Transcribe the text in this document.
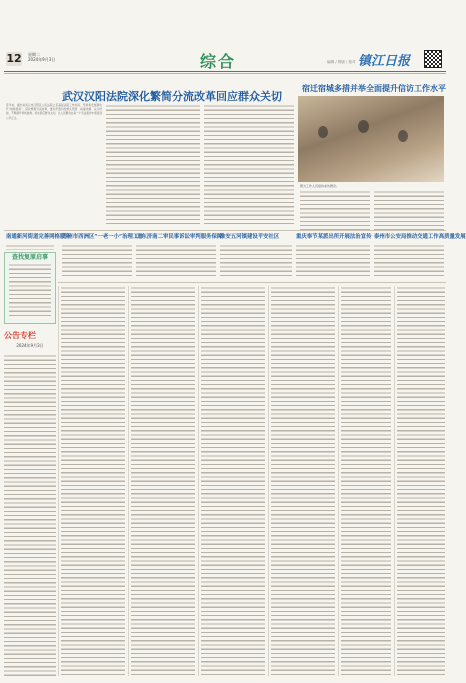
12 星期二
2024年9月3日	综合	编辑 / 排版 / 校对 镇江日报
武汉汉阳法院深化繁简分流改革回应群众关切

近年来，湖北省武汉市汉阳区人民法院立足基层法院工作实际，坚持和发展新时代“枫桥经验”，深化繁简分流改革，推动矛盾纠纷源头预防、前端化解、关口把控，不断提升审判质效，切实回应群众关切，让人民群众在每一个司法案件中感受到公平正义。

宿迁宿城多措并举全面提升信访工作水平
图为工作人员接待来访群众。
南通新河街道完善网格服务
苏州市西洲区“一老一小”治理工作
山东济南二审民事诉讼审判服务保障
淮安五河镇建设平安社区	重庆奉节某派出所开展法治宣传 泰州市公安局推动交通工作高质量发展
查找复原启事
公告专栏
2024年9月3日
